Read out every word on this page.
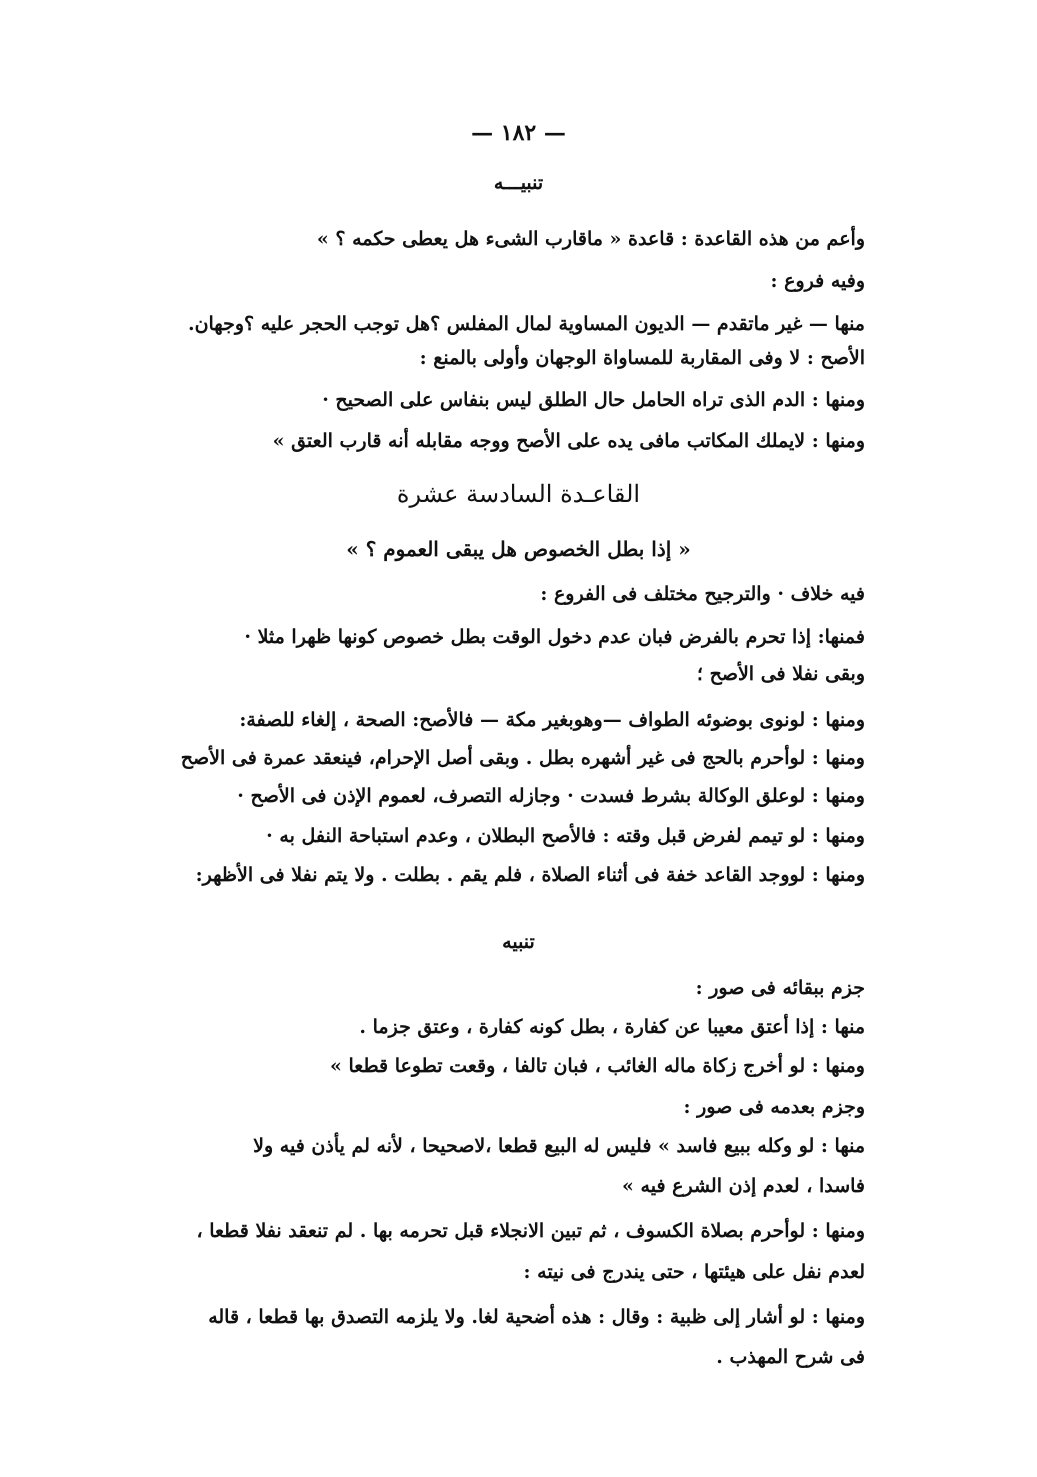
— ١٨٢ —
تنبيـــه
وأعم من هذه القاعدة : قاعدة « ماقارب الشىء هل يعطى حكمه ؟ »
وفيه فروع :
منها — غير ماتقدم — الديون المساوية لمال المفلس ؟هل توجب الحجر عليه ؟وجهان.
الأصح : لا وفى المقاربة للمساواة الوجهان وأولى بالمنع :
ومنها : الدم الذى تراه الحامل حال الطلق ليس بنفاس على الصحيح ·
ومنها : لايملك المكاتب مافى يده على الأصح ووجه مقابله أنه قارب العتق »
القاعـدة السادسة عشرة
« إذا بطل الخصوص هل يبقى العموم ؟ »
فيه خلاف · والترجيح مختلف فى الفروع :
فمنها: إذا تحرم بالفرض فبان عدم دخول الوقت بطل خصوص كونها ظهرا مثلا ·
وبقى نفلا فى الأصح ؛
ومنها : لونوى بوضوئه الطواف —وهوبغير مكة — فالأصح: الصحة ، إلغاء للصفة:
ومنها : لوأحرم بالحج فى غير أشهره بطل . وبقى أصل الإحرام، فينعقد عمرة فى الأصح
ومنها : لوعلق الوكالة بشرط فسدت · وجازله التصرف، لعموم الإذن فى الأصح ·
ومنها : لو تيمم لفرض قبل وقته : فالأصح البطلان ، وعدم استباحة النفل به ·
ومنها : لووجد القاعد خفة فى أثناء الصلاة ، فلم يقم . بطلت . ولا يتم نفلا فى الأظهر:
تنبيه
جزم ببقائه فى صور :
منها : إذا أعتق معيبا عن كفارة ، بطل كونه كفارة ، وعتق جزما .
ومنها : لو أخرج زكاة ماله الغائب ، فبان تالفا ، وقعت تطوعا قطعا »
وجزم بعدمه فى صور :
منها : لو وكله ببيع فاسد » فليس له البيع قطعا ،لاصحيحا ، لأنه لم يأذن فيه ولا
فاسدا ، لعدم إذن الشرع فيه »
ومنها : لوأحرم بصلاة الكسوف ، ثم تبين الانجلاء قبل تحرمه بها . لم تنعقد نفلا قطعا ،
لعدم نفل على هيئتها ، حتى يندرج فى نيته :
ومنها : لو أشار إلى ظبية : وقال : هذه أضحية لغا. ولا يلزمه التصدق بها قطعا ، قاله
فى شرح المهذب .
